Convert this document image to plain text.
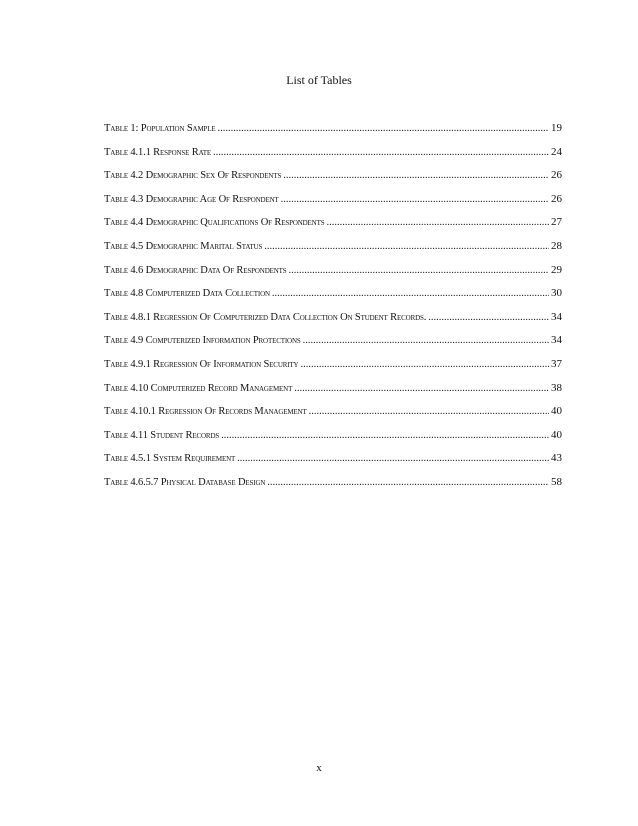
List of Tables
Table 1: Population Sample .....	19
Table 4.1.1 Response Rate .....	24
Table 4.2 Demographic Sex Of Respondents .....	26
Table 4.3 Demographic Age Of Respondent .....	26
Table 4.4 Demographic Qualifications Of Respondents .....	27
Table 4.5 Demographic Marital Status .....	28
Table 4.6 Demographic Data Of Respondents .....	29
Table 4.8 Computerized Data Collection .....	30
Table 4.8.1 Regression Of Computerized Data Collection On Student Records. .....	34
Table 4.9 Computerized Information Protections .....	34
Table 4.9.1 Regression Of Information Security .....	37
Table 4.10 Computerized Record Management .....	38
Table 4.10.1 Regression Of Records Management .....	40
Table 4.11 Student Records .....	40
Table 4.5.1 System Requirement .....	43
Table 4.6.5.7 Physical Database Design .....	58
x
